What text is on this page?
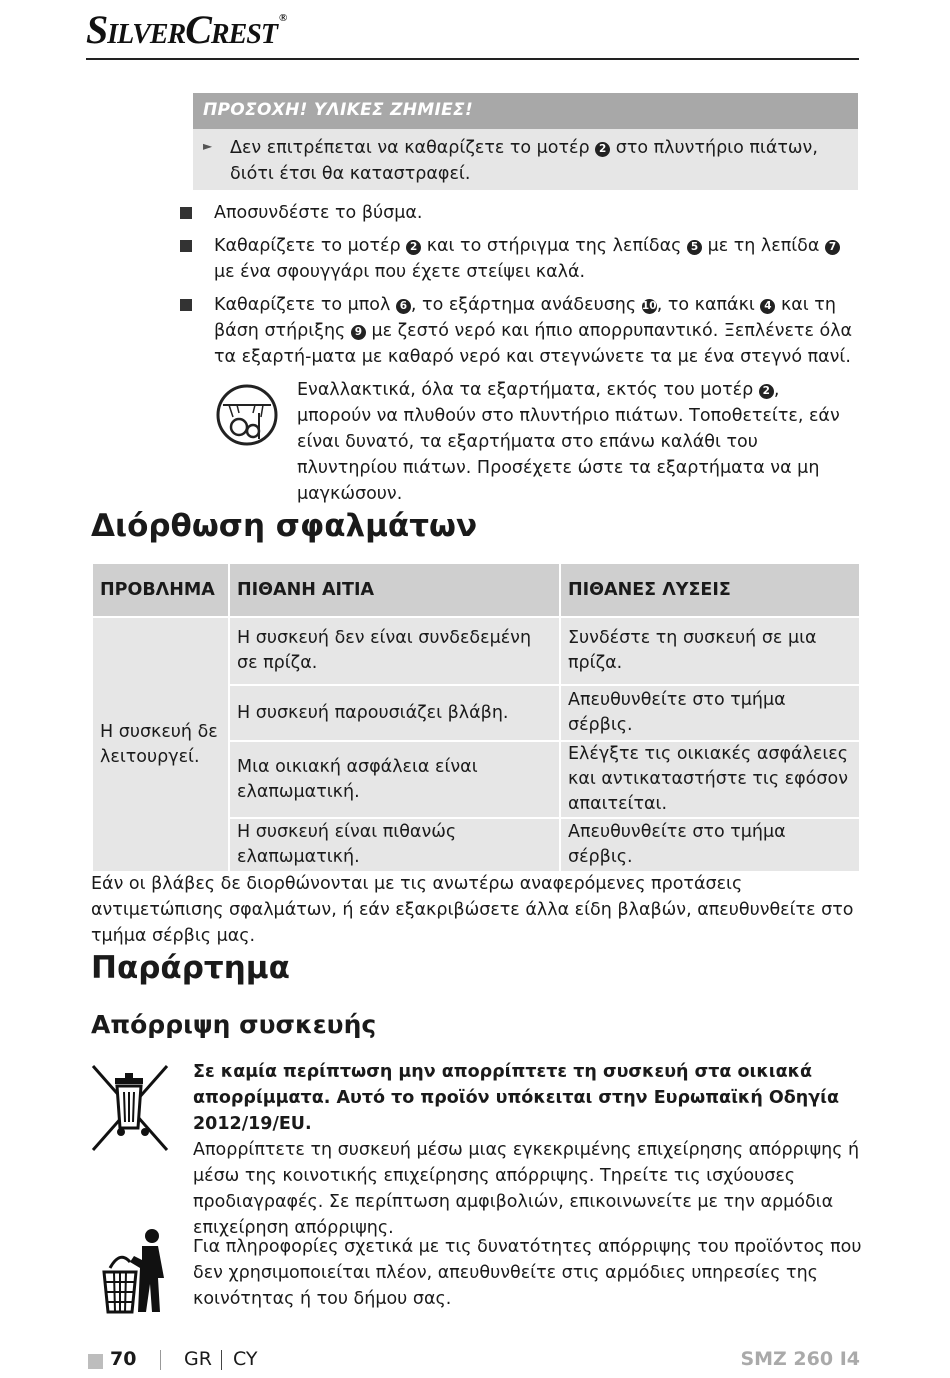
SilverCrest ®
ΠΡΟΣΟΧΗ! ΥΛΙΚΕΣ ΖΗΜΙΕΣ!
► Δεν επιτρέπεται να καθαρίζετε το μοτέρ 2 στο πλυντήριο πιάτων, διότι έτσι θα καταστραφεί.
Αποσυνδέστε το βύσμα.
Καθαρίζετε το μοτέρ 2 και το στήριγμα της λεπίδας 5 με τη λεπίδα 7 με ένα σφουγγάρι που έχετε στείψει καλά.
Καθαρίζετε το μπολ 6 , το εξάρτημα ανάδευσης 10, το καπάκι 4 και τη βάση στήριξης 9 με ζεστό νερό και ήπιο απορρυπαντικό. Ξεπλένετε όλα τα εξαρτή-ματα με καθαρό νερό και στεγνώνετε τα με ένα στεγνό πανί.
Εναλλακτικά, όλα τα εξαρτήματα, εκτός του μοτέρ 2 , μπορούν να πλυθούν στο πλυντήριο πιάτων. Τοποθετείτε, εάν είναι δυνατό, τα εξαρτήματα στο επάνω καλάθι του πλυντηρίου πιάτων. Προσέχετε ώστε τα εξαρτήματα να μη μαγκώσουν.
Διόρθωση σφαλμάτων
ΠΡΟΒΛΗΜΑ	ΠΙΘΑΝΗ ΑΙΤΙΑ	ΠΙΘΑΝΕΣ ΛΥΣΕΙΣ
Η συσκευή δε λειτουργεί.	Η συσκευή δεν είναι συνδεδεμένη σε πρίζα.	Συνδέστε τη συσκευή σε μια πρίζα.
	Η συσκευή παρουσιάζει βλάβη.	Απευθυνθείτε στο τμήμα σέρβις.
	Μια οικιακή ασφάλεια είναι ελαπωματική.	Ελέγξτε τις οικιακές ασφάλειες και αντικαταστήστε τις εφόσον απαιτείται.
	Η συσκευή είναι πιθανώς ελαπωματική.	Απευθυνθείτε στο τμήμα σέρβις.
Εάν οι βλάβες δε διορθώνονται με τις ανωτέρω αναφερόμενες προτάσεις αντιμετώπισης σφαλμάτων, ή εάν εξακριβώσετε άλλα είδη βλαβών, απευθυνθείτε στο τμήμα σέρβις μας.
Παράρτημα
Απόρριψη συσκευής
Σε καμία περίπτωση μην απορρίπτετε τη συσκευή στα οικιακά απορρίμματα. Αυτό το προϊόν υπόκειται στην Ευρωπαϊκή Οδηγία 2012/19/EU.
Απορρίπτετε τη συσκευή μέσω μιας εγκεκριμένης επιχείρησης απόρριψης ή μέσω της κοινοτικής επιχείρησης απόρριψης. Τηρείτε τις ισχύουσες προδιαγραφές. Σε περίπτωση αμφιβολιών, επικοινωνείτε με την αρμόδια επιχείρηση απόρριψης.
Για πληροφορίες σχετικά με τις δυνατότητες απόρριψης του προϊόντος που δεν χρησιμοποιείται πλέον, απευθυνθείτε στις αρμόδιες υπηρεσίες της κοινότητας ή του δήμου σας.
70	GR CY	SMZ 260 I4
